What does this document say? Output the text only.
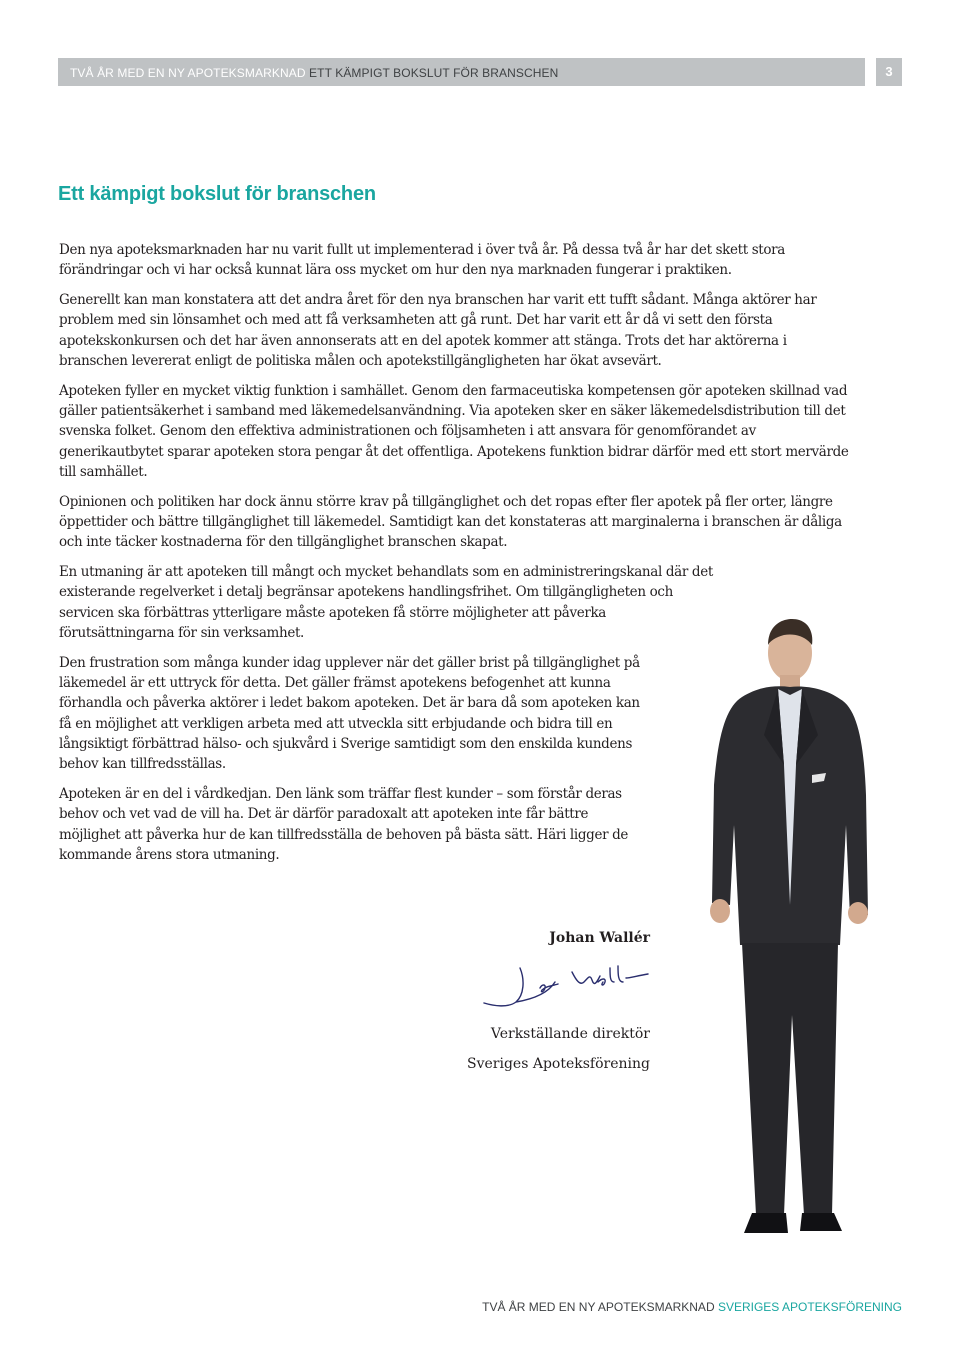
TVÅ ÅR MED EN NY APOTEKSMARKNAD ETT KÄMPIGT BOKSLUT FÖR BRANSCHEN	3
Ett kämpigt bokslut för branschen

Den nya apoteksmarknaden har nu varit fullt ut implementerad i över två år. På dessa två år har det skett stora förändringar och vi har också kunnat lära oss mycket om hur den nya marknaden fungerar i praktiken.

Generellt kan man konstatera att det andra året för den nya branschen har varit ett tufft sådant. Många aktörer har problem med sin lönsamhet och med att få verksamheten att gå runt. Det har varit ett år då vi sett den första apotekskonkursen och det har även annonserats att en del apotek kommer att stänga. Trots det har aktörerna i branschen levererat enligt de politiska målen och apotekstillgängligheten har ökat avsevärt.

Apoteken fyller en mycket viktig funktion i samhället. Genom den farmaceutiska kompetensen gör apoteken skillnad vad gäller patientsäkerhet i samband med läkemedelsanvändning. Via apoteken sker en säker läkemedelsdistribution till det svenska folket. Genom den effektiva administrationen och följsamheten i att ansvara för genomförandet av generikautbytet sparar apoteken stora pengar åt det offentliga. Apotekens funktion bidrar därför med ett stort mervärde till samhället.

Opinionen och politiken har dock ännu större krav på tillgänglighet och det ropas efter fler apotek på fler orter, längre öppettider och bättre tillgänglighet till läkemedel. Samtidigt kan det konstateras att marginalerna i branschen är dåliga och inte täcker kostnaderna för den tillgänglighet branschen skapat.

En utmaning är att apoteken till mångt och mycket behandlats som en administreringskanal där det existerande regelverket i detalj begränsar apotekens handlingsfrihet. Om tillgängligheten och servicen ska förbättras ytterligare måste apoteken få större möjligheter att påverka förutsättningarna för sin verksamhet.

Den frustration som många kunder idag upplever när det gäller brist på tillgänglighet på läkemedel är ett uttryck för detta. Det gäller främst apotekens befogenhet att kunna förhandla och påverka aktörer i ledet bakom apoteken. Det är bara då som apoteken kan få en möjlighet att verkligen arbeta med att utveckla sitt erbjudande och bidra till en långsiktigt förbättrad hälso- och sjukvård i Sverige samtidigt som den enskilda kundens behov kan tillfredsställas.

Apoteken är en del i vårdkedjan. Den länk som träffar flest kunder – som förstår deras behov och vet vad de vill ha. Det är därför paradoxalt att apoteken inte får bättre möjlighet att påverka hur de kan tillfredsställa de behoven på bästa sätt. Häri ligger de kommande årens stora utmaning.

Johan Wallér
Verkställande direktör
Sveriges Apoteksförening
TVÅ ÅR MED EN NY APOTEKSMARKNAD SVERIGES APOTEKSFÖRENING
